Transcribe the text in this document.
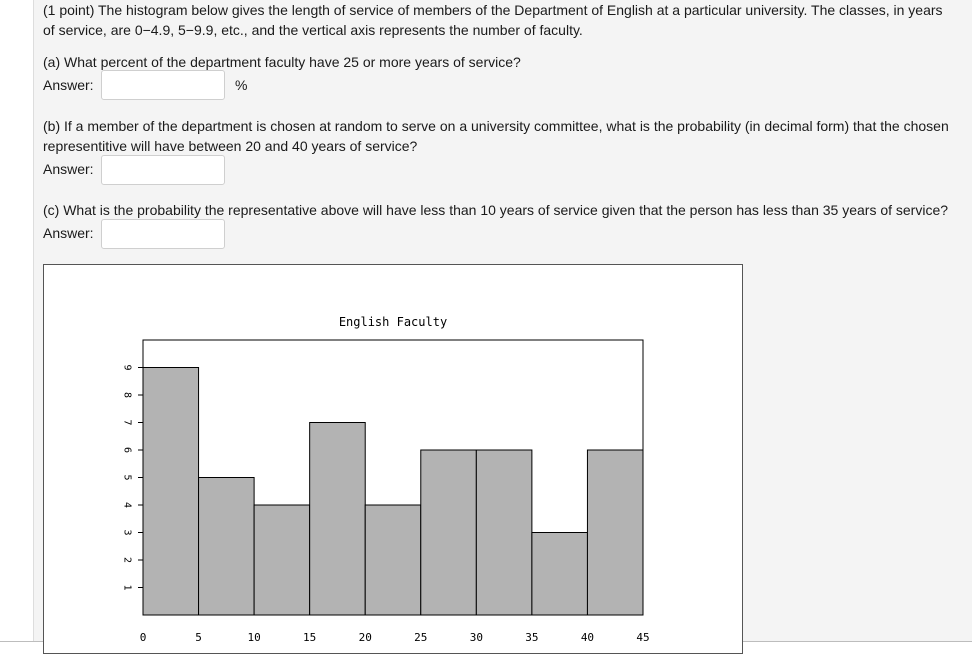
(1 point) The histogram below gives the length of service of members of the Department of English at a particular university. The classes, in years of service, are 0−4.9, 5−9.9, etc., and the vertical axis represents the number of faculty.

(a) What percent of the department faculty have 25 or more years of service?

Answer:	%

(b) If a member of the department is chosen at random to serve on a university committee, what is the probability (in decimal form) that the chosen representitive will have between 20 and 40 years of service?

Answer:

(c) What is the probability the representative above will have less than 10 years of service given that the person has less than 35 years of service?

Answer:
English Faculty
1
2
3
4
5
6
7
8
9
0	5	10	15	20	25	30	35	40	45
